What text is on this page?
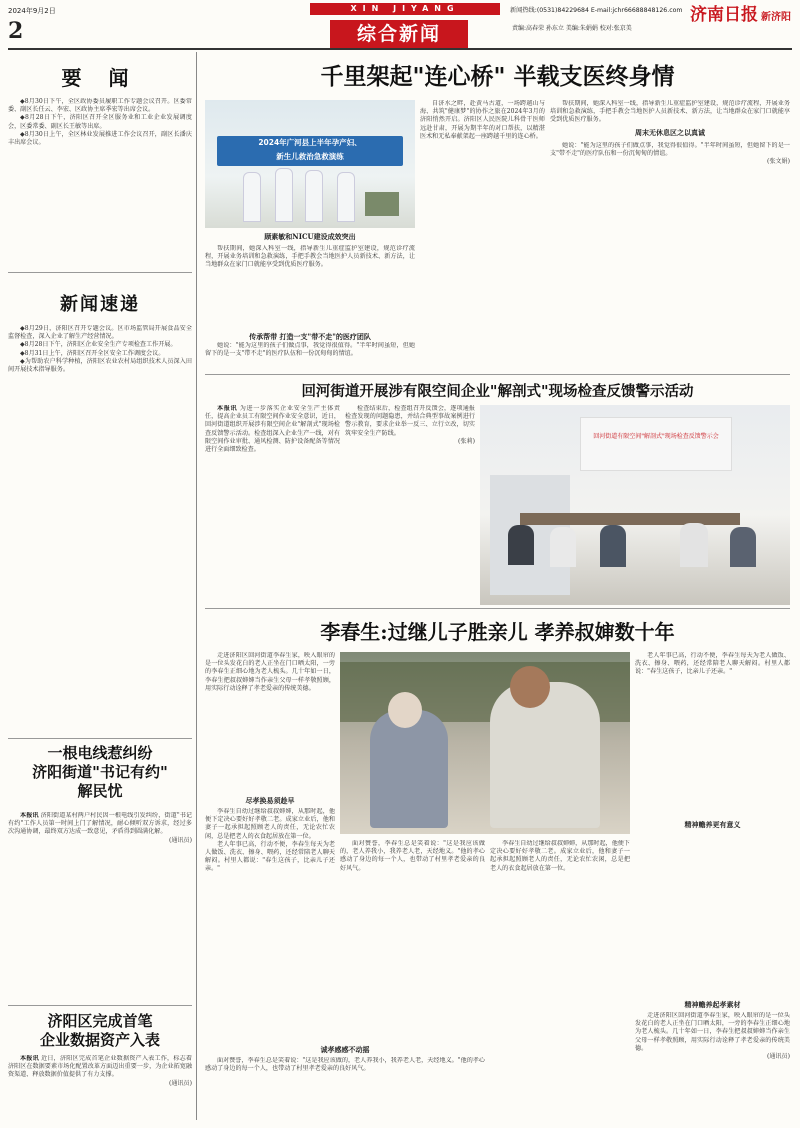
2024年9月2日	XIN JIYANG	新闻热线:(0531)84229684 E-mail:jchr66688848126.com 济南日报 新济阳
2	综合新闻	责编:高春荣 孙东立 美编:朱娟娟 校对:张京美
要 闻

◆8月30日下午，全区政协委员履职工作专题会议召开。区委常委、副区长任云、李宏、区政协主席季宏等出席会议。

◆8月28日下午，济阳区召开全区服务业和工业企业发展调度会，区委常委、副区长王敏等出席。

◆8月30日上午，全区林业发展推进工作会议召开，副区长潘庆丰出席会议。

新闻速递

◆8月29日，济阳区召开专题会议。区市场监管局开展食品安全监督检查，深入企业了解生产经营情况。

◆8月28日下午，济阳区企业安全生产专项检查工作开展。

◆8月31日上午，济阳区召开全区安全工作调度会议。

◆为帮助农户科学种植，济阳区农业农村局组织技术人员深入田间开展技术指导服务。

一根电线惹纠纷
济阳街道"书记有约"
解民忧

本报讯 济阳街道某村两户村民因一根电线引发纠纷，街道"书记有约"工作人员第一时间上门了解情况，耐心倾听双方诉求，经过多次沟通协调，最终双方达成一致意见，矛盾得到圆满化解。

(通讯员)

济阳区完成首笔
企业数据资产入表

本报讯 近日，济阳区完成首笔企业数据资产入表工作，标志着济阳区在数据要素市场化配置改革方面迈出重要一步，为企业拓宽融资渠道、释放数据价值提供了有力支撑。

(通讯员)

千里架起"连心桥" 半载支医终身情
2024年广河县上半年孕产妇、
新生儿救治急救演练
顾素敏和NICU建设成效突出

自济水之畔，赴黄马古道，一场跨越山与海、共筑"健康梦"的协作之旅在2024年3月的济阳悄然开启。济阳区人民医院儿科骨干医师远赴甘肃，开展为期半年的对口帮扶，以精湛医术和无私奉献架起一座跨越千里的连心桥。

帮扶期间，她深入科室一线，指导新生儿重症监护室建设，规范诊疗流程，开展业务培训和急救演练，手把手教会当地医护人员新技术、新方法，让当地群众在家门口就能享受到优质医疗服务。

传承帮带 打造一支"带不走"的医疗团队

她说："能为这里的孩子们做点事，我觉得很值得。"半年时间虽短，但她留下的是一支"带不走"的医疗队伍和一份沉甸甸的情谊。

帮扶期间，她深入科室一线，指导新生儿重症监护室建设，规范诊疗流程，开展业务培训和急救演练，手把手教会当地医护人员新技术、新方法，让当地群众在家门口就能享受到优质医疗服务。

周末无休息区之以真诚

她说："能为这里的孩子们做点事，我觉得很值得。"半年时间虽短，但她留下的是一支"带不走"的医疗队伍和一份沉甸甸的情谊。

(张文娟)

回河街道开展涉有限空间企业"解剖式"现场检查反馈警示活动

本报讯 为进一步落实企业安全生产主体责任，提高企业员工有限空间作业安全意识，近日，回河街道组织开展涉有限空间企业"解剖式"现场检查反馈警示活动。检查组深入企业生产一线，对有限空间作业审批、通风检测、防护设备配备等情况进行全面细致检查。

检查结束后，检查组召开反馈会，逐项通报检查发现的问题隐患，并结合典型事故案例进行警示教育，要求企业举一反三、立行立改，切实筑牢安全生产防线。

(张莉)

回河街道有限空间"解剖式"现场检查反馈警示会
李春生:过继儿子胜亲儿 孝养叔婶数十年

走进济阳区回河街道李春生家，映入眼帘的是一位头发花白的老人正坐在门口晒太阳，一旁的李春生正细心地为老人梳头。几十年如一日，李春生把叔叔婶婶当作亲生父母一样孝敬照顾，用实际行动诠释了孝老爱亲的传统美德。

尽孝换易须趁早

李春生自幼过继给叔叔婶婶，从那时起，他便下定决心要好好孝敬二老。成家立业后，他和妻子一起承担起照顾老人的责任，无论农忙农闲，总是把老人的衣食起居放在第一位。

老人年事已高，行动不便，李春生每天为老人做饭、洗衣、擦身、喂药，还经常陪老人聊天解闷。村里人都说："春生这孩子，比亲儿子还亲。"

老人年事已高，行动不便，李春生每天为老人做饭、洗衣、擦身、喂药，还经常陪老人聊天解闷。村里人都说："春生这孩子，比亲儿子还亲。"

精神赡养更有意义

面对赞誉，李春生总是笑着说："这是我应该做的，老人养我小，我养老人老，天经地义。"他的孝心感动了身边的每一个人，也带动了村里孝老爱亲的良好风气。

李春生自幼过继给叔叔婶婶，从那时起，他便下定决心要好好孝敬二老。成家立业后，他和妻子一起承担起照顾老人的责任，无论农忙农闲，总是把老人的衣食起居放在第一位。

诚孝感感不动摇

面对赞誉，李春生总是笑着说："这是我应该做的，老人养我小，我养老人老，天经地义。"他的孝心感动了身边的每一个人，也带动了村里孝老爱亲的良好风气。

精神赡养起孝素材

走进济阳区回河街道李春生家，映入眼帘的是一位头发花白的老人正坐在门口晒太阳，一旁的李春生正细心地为老人梳头。几十年如一日，李春生把叔叔婶婶当作亲生父母一样孝敬照顾，用实际行动诠释了孝老爱亲的传统美德。

(通讯员)
